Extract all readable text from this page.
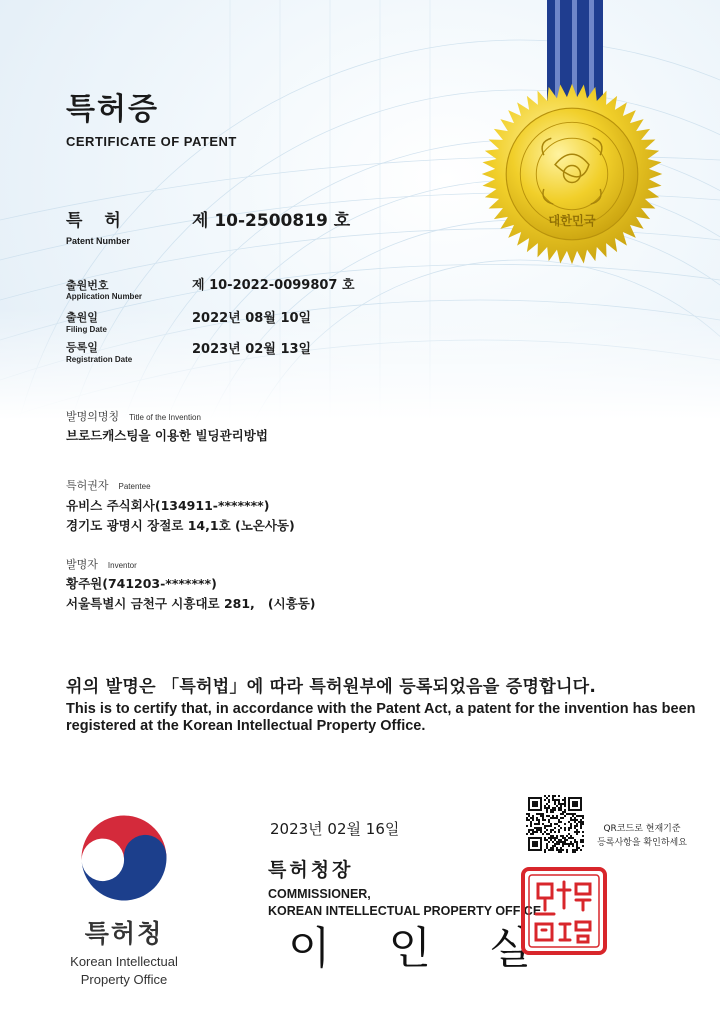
대한민국
특허증
CERTIFICATE OF PATENT
특 허
Patent Number
제 10-2500819 호
출원번호
Application Number
제 10-2022-0099807 호
출원일
Filing Date
2022년 08월 10일
등록일
Registration Date
2023년 02월 13일
발명의명칭 Title of the Invention
브로드캐스팅을 이용한 빌딩관리방법
특허권자 Patentee
유비스 주식회사(134911-*******)
경기도 광명시 장절로 14,1호 (노온사동)
발명자 Inventor
황주원(741203-*******)
서울특별시 금천구 시흥대로 281,   (시흥동)
위의 발명은 「특허법」에 따라 특허원부에 등록되었음을 증명합니다.
This is to certify that, in accordance with the Patent Act, a patent for the invention has been registered at the Korean Intellectual Property Office.
특허청
Korean Intellectual
Property Office
2023년 02월 16일
특허청장
COMMISSIONER,
KOREAN INTELLECTUAL PROPERTY OFFICE
이 인 실
QR코드로 현재기준
등록사항을 확인하세요
